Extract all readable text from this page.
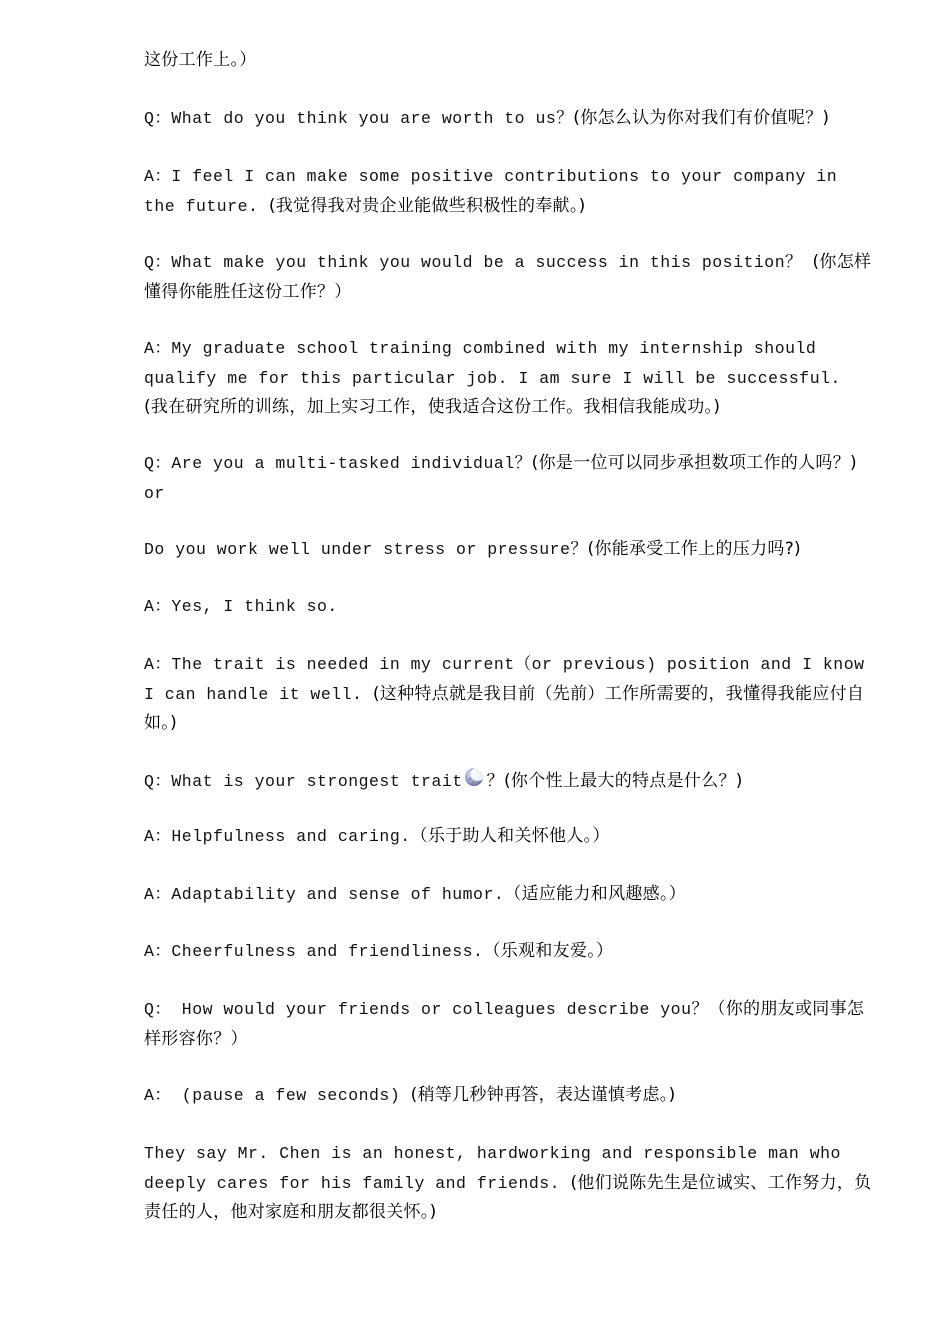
这份工作上。）

Q：What do you think you are worth to us？(你怎么认为你对我们有价值呢？)

A：I feel I can make some positive contributions to your company in the future. (我觉得我对贵企业能做些积极性的奉献。)

Q：What make you think you would be a success in this position？ (你怎样懂得你能胜任这份工作？）

A：My graduate school training combined with my internship should qualify me for this particular job. I am sure I will be successful. (我在研究所的训练，加上实习工作，使我适合这份工作。我相信我能成功。)

Q：Are you a multi-tasked individual？(你是一位可以同步承担数项工作的人吗？) or

Do you work well under stress or pressure？(你能承受工作上的压力吗?)

A：Yes, I think so.

A：The trait is needed in my current（or previous) position and I know I can handle it well. (这种特点就是我目前（先前）工作所需要的，我懂得我能应付自如。)

Q：What is your strongest trait ？(你个性上最大的特点是什么？)

A：Helpfulness and caring.（乐于助人和关怀他人。）

A：Adaptability and sense of humor.（适应能力和风趣感。）

A：Cheerfulness and friendliness.（乐观和友爱。）

Q： How would your friends or colleagues describe you？（你的朋友或同事怎样形容你？）

A： (pause a few seconds) (稍等几秒钟再答，表达谨慎考虑。)

They say Mr. Chen is an honest, hardworking and responsible man who deeply cares for his family and friends. (他们说陈先生是位诚实、工作努力，负责任的人，他对家庭和朋友都很关怀。)
